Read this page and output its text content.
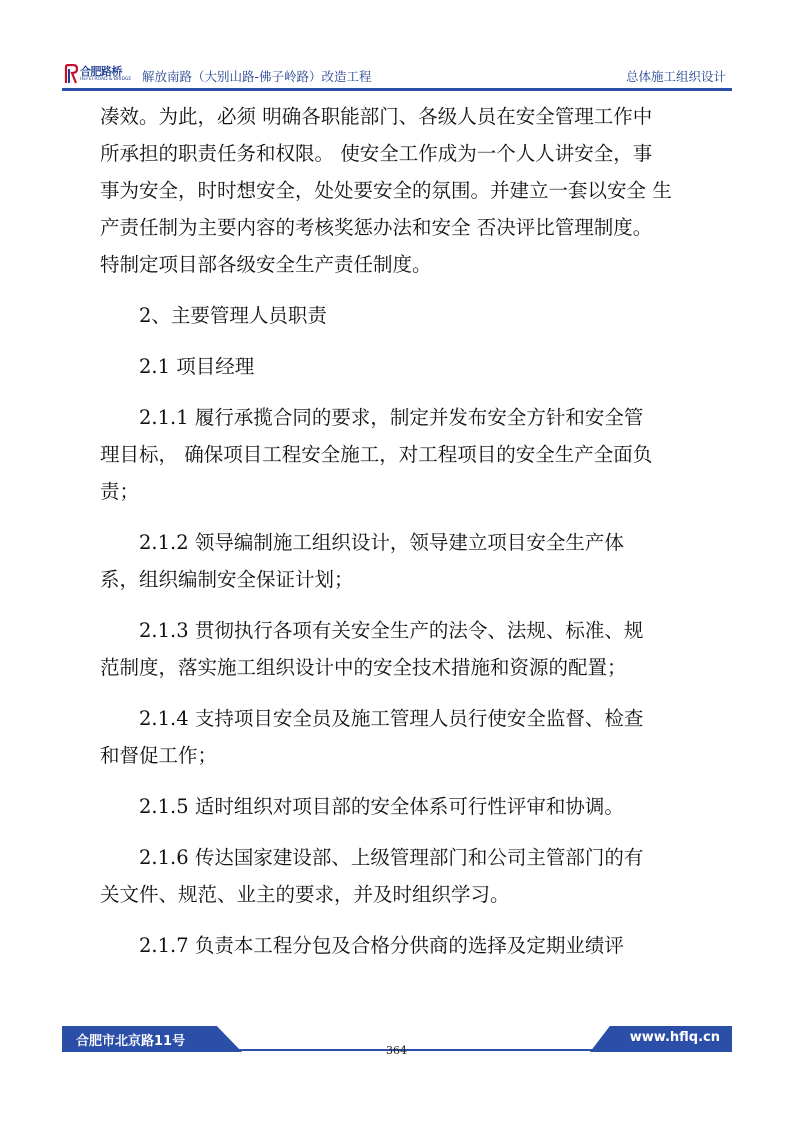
合肥路桥
HEFEI ROAD & BRIDGE 解放南路（大别山路-佛子岭路）改造工程	总体施工组织设计
凑效。为此，必须 明确各职能部门、各级人员在安全管理工作中
所承担的职责任务和权限。 使安全工作成为一个人人讲安全，事
事为安全，时时想安全，处处要安全的氛围。并建立一套以安全 生
产责任制为主要内容的考核奖惩办法和安全 否决评比管理制度。
特制定项目部各级安全生产责任制度。
2、主要管理人员职责
2.1 项目经理
2.1.1 履行承揽合同的要求，制定并发布安全方针和安全管
理目标， 确保项目工程安全施工，对工程项目的安全生产全面负
责；
2.1.2 领导编制施工组织设计，领导建立项目安全生产体
系，组织编制安全保证计划；
2.1.3 贯彻执行各项有关安全生产的法令、法规、标准、规
范制度，落实施工组织设计中的安全技术措施和资源的配置；
2.1.4 支持项目安全员及施工管理人员行使安全监督、检查
和督促工作；
2.1.5 适时组织对项目部的安全体系可行性评审和协调。
2.1.6 传达国家建设部、上级管理部门和公司主管部门的有
关文件、规范、业主的要求，并及时组织学习。
2.1.7 负责本工程分包及合格分供商的选择及定期业绩评
合肥市北京路11号	www.hflq.cn
364
